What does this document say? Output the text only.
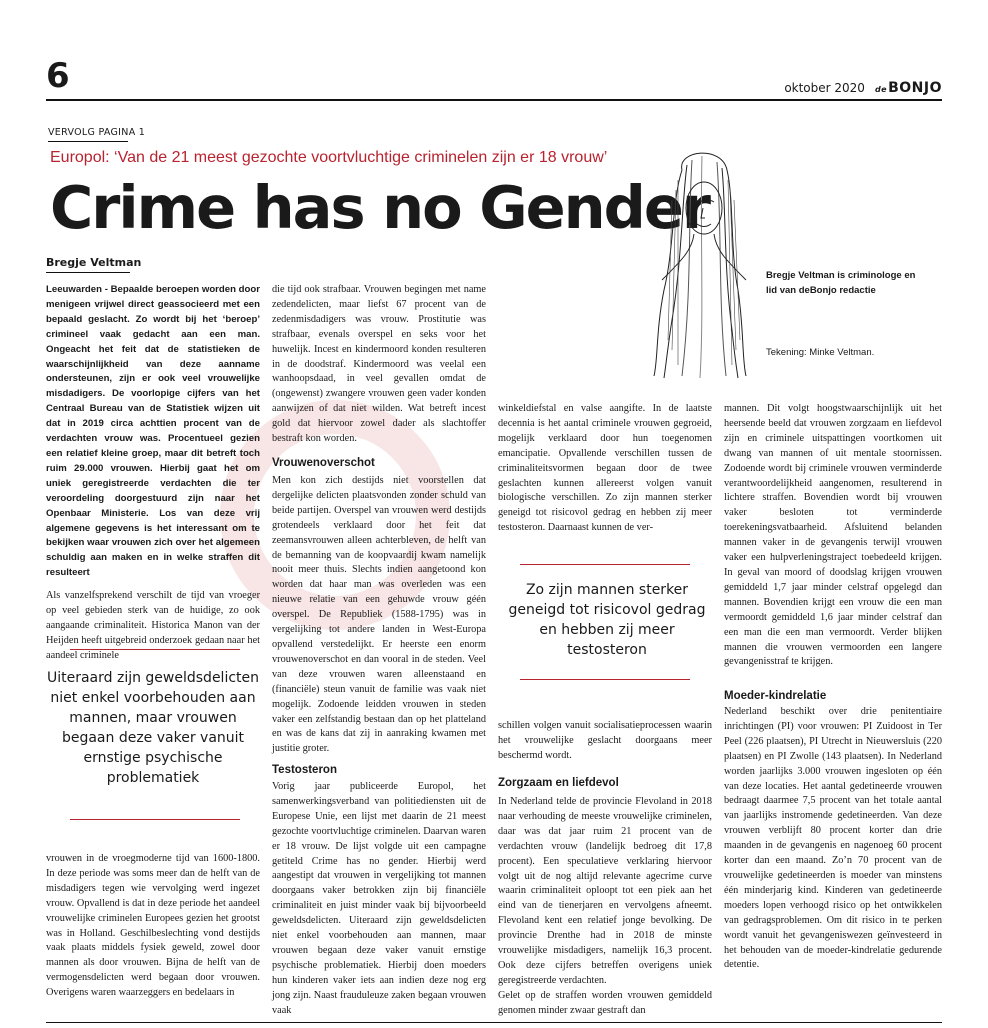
6	oktober 2020 deBONJO
VERVOLG PAGINA 1
Europol: ‘Van de 21 meest gezochte voortvluchtige criminelen zijn er 18 vrouw’
Crime has no Gender
Bregje Veltman
Bregje Veltman is criminologe en lid van deBonjo redactie
Tekening: Minke Veltman.

Leeuwarden - Bepaalde beroepen worden door menigeen vrijwel direct geassocieerd met een bepaald geslacht. Zo wordt bij het ‘beroep’ crimineel vaak gedacht aan een man. Ongeacht het feit dat de statistieken de waarschijnlijkheid van deze aanname ondersteunen, zijn er ook veel vrouwelijke misdadigers. De voorlopige cijfers van het Centraal Bureau van de Statistiek wijzen uit dat in 2019 circa achttien procent van de verdachten vrouw was. Procentueel gezien een relatief kleine groep, maar dit betreft toch ruim 29.000 vrouwen. Hierbij gaat het om uniek geregistreerde verdachten die ter veroordeling doorgestuurd zijn naar het Openbaar Ministerie. Los van deze vrij algemene gegevens is het interessant om te bekijken waar vrouwen zich over het algemeen schuldig aan maken en in welke straffen dit resulteert

Als vanzelfsprekend verschilt de tijd van vroeger op veel gebieden sterk van de huidige, zo ook aangaande criminaliteit. Historica Manon van der Heijden heeft uitgebreid onderzoek gedaan naar het aandeel criminele

Uiteraard zijn geweldsdelicten niet enkel voorbehouden aan mannen, maar vrouwen begaan deze vaker vanuit ernstige psychische problematiek

vrouwen in de vroegmoderne tijd van 1600-1800. In deze periode was soms meer dan de helft van de misdadigers tegen wie vervolging werd ingezet vrouw. Opvallend is dat in deze periode het aandeel vrouwelijke criminelen Europees gezien het grootst was in Holland. Geschilbeslechting vond destijds vaak plaats middels fysiek geweld, zowel door mannen als door vrouwen. Bijna de helft van de vermogensdelicten werd begaan door vrouwen. Overigens waren waarzeggers en bedelaars in

die tijd ook strafbaar. Vrouwen begingen met name zedendelicten, maar liefst 67 procent van de zedenmisdadigers was vrouw. Prostitutie was strafbaar, evenals overspel en seks voor het huwelijk. Incest en kindermoord konden resulteren in de doodstraf. Kindermoord was veelal een wanhoopsdaad, in veel gevallen omdat de (ongewenst) zwangere vrouwen geen vader konden aanwijzen of dat niet wilden. Wat betreft incest gold dat hiervoor zowel dader als slachtoffer bestraft kon worden.

Vrouwenoverschot

Men kon zich destijds niet voorstellen dat dergelijke delicten plaatsvonden zonder schuld van beide partijen. Overspel van vrouwen werd destijds grotendeels verklaard door het feit dat zeemansvrouwen alleen achterbleven, de helft van de bemanning van de koopvaardij kwam namelijk nooit meer thuis. Slechts indien aangetoond kon worden dat haar man was overleden was een nieuwe relatie van een gehuwde vrouw géén overspel. De Republiek (1588-1795) was in vergelijking tot andere landen in West-Europa opvallend verstedelijkt. Er heerste een enorm vrouwenoverschot en dan vooral in de steden. Veel van deze vrouwen waren alleenstaand en (financiële) steun vanuit de familie was vaak niet mogelijk. Zodoende leidden vrouwen in steden vaker een zelfstandig bestaan dan op het platteland en was de kans dat zij in aanraking kwamen met justitie groter.

Testosteron

Vorig jaar publiceerde Europol, het samenwerkingsverband van politiediensten uit de Europese Unie, een lijst met daarin de 21 meest gezochte voortvluchtige criminelen. Daarvan waren er 18 vrouw. De lijst volgde uit een campagne getiteld Crime has no gender. Hierbij werd aangestipt dat vrouwen in vergelijking tot mannen doorgaans vaker betrokken zijn bij financiële criminaliteit en juist minder vaak bij bijvoorbeeld geweldsdelicten. Uiteraard zijn geweldsdelicten niet enkel voorbehouden aan mannen, maar vrouwen begaan deze vaker vanuit ernstige psychische problematiek. Hierbij doen moeders hun kinderen vaker iets aan indien deze nog erg jong zijn. Naast frauduleuze zaken begaan vrouwen vaak

winkeldiefstal en valse aangifte. In de laatste decennia is het aantal criminele vrouwen gegroeid, mogelijk verklaard door hun toegenomen emancipatie. Opvallende verschillen tussen de criminaliteitsvormen begaan door de twee geslachten kunnen allereerst volgen vanuit biologische verschillen. Zo zijn mannen sterker geneigd tot risicovol gedrag en hebben zij meer testosteron. Daarnaast kunnen de ver-

Zo zijn mannen sterker geneigd tot risicovol gedrag en hebben zij meer testosteron

schillen volgen vanuit socialisatieprocessen waarin het vrouwelijke geslacht doorgaans meer beschermd wordt.

Zorgzaam en liefdevol

In Nederland telde de provincie Flevoland in 2018 naar verhouding de meeste vrouwelijke criminelen, daar was dat jaar ruim 21 procent van de verdachten vrouw (landelijk bedroeg dit 17,8 procent). Een speculatieve verklaring hiervoor volgt uit de nog altijd relevante agecrime curve waarin criminaliteit oploopt tot een piek aan het eind van de tienerjaren en vervolgens afneemt. Flevoland kent een relatief jonge bevolking. De provincie Drenthe had in 2018 de minste vrouwelijke misdadigers, namelijk 16,3 procent. Ook deze cijfers betreffen overigens uniek geregistreerde verdachten.

Gelet op de straffen worden vrouwen gemiddeld genomen minder zwaar gestraft dan

mannen. Dit volgt hoogstwaarschijnlijk uit het heersende beeld dat vrouwen zorgzaam en liefdevol zijn en criminele uitspattingen voortkomen uit dwang van mannen of uit mentale stoornissen. Zodoende wordt bij criminele vrouwen verminderde verantwoordelijkheid aangenomen, resulterend in lichtere straffen. Bovendien wordt bij vrouwen vaker besloten tot verminderde toerekeningsvatbaarheid. Afsluitend belanden mannen vaker in de gevangenis terwijl vrouwen vaker een hulpverleningstraject toebedeeld krijgen. In geval van moord of doodslag krijgen vrouwen gemiddeld 1,7 jaar minder celstraf opgelegd dan mannen. Bovendien krijgt een vrouw die een man vermoordt gemiddeld 1,6 jaar minder celstraf dan een man die een man vermoordt. Verder blijken mannen die vrouwen vermoorden een langere gevangenisstraf te krijgen.

Moeder-kindrelatie

Nederland beschikt over drie penitentiaire inrichtingen (PI) voor vrouwen: PI Zuidoost in Ter Peel (226 plaatsen), PI Utrecht in Nieuwersluis (220 plaatsen) en PI Zwolle (143 plaatsen). In Nederland worden jaarlijks 3.000 vrouwen ingesloten op één van deze locaties. Het aantal gedetineerde vrouwen bedraagt daarmee 7,5 procent van het totale aantal van jaarlijks instromende gedetineerden. Van deze vrouwen verblijft 80 procent korter dan drie maanden in de gevangenis en nagenoeg 60 procent korter dan een maand. Zo’n 70 procent van de vrouwelijke gedetineerden is moeder van minstens één minderjarig kind. Kinderen van gedetineerde moeders lopen verhoogd risico op het ontwikkelen van gedragsproblemen. Om dit risico in te perken wordt vanuit het gevangeniswezen geïnvesteerd in het behouden van de moeder-kindrelatie gedurende detentie.
